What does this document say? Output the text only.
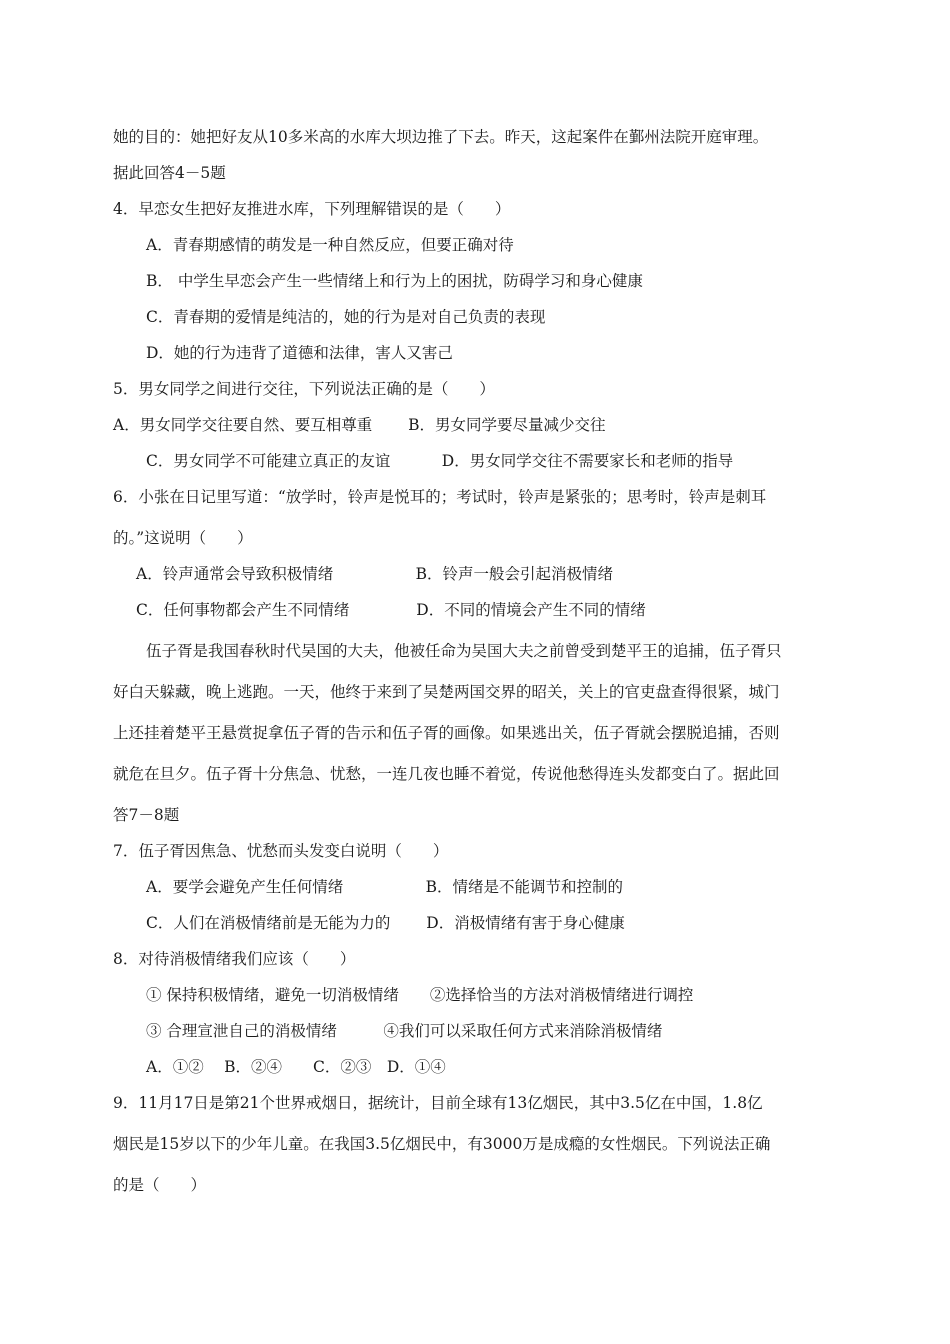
她的目的：她把好友从10多米高的水库大坝边推了下去。昨天，这起案件在鄞州法院开庭审理。
据此回答4－5题
4．早恋女生把好友推进水库，下列理解错误的是（　　）
A．青春期感情的萌发是一种自然反应，但要正确对待
B． 中学生早恋会产生一些情绪上和行为上的困扰，防碍学习和身心健康
C．青春期的爱情是纯洁的，她的行为是对自己负责的表现
D．她的行为违背了道德和法律，害人又害己
5．男女同学之间进行交往，下列说法正确的是（　　）
A．男女同学交往要自然、要互相尊重　　 B．男女同学要尽量减少交往
C．男女同学不可能建立真正的友谊　　　 D．男女同学交往不需要家长和老师的指导
6．小张在日记里写道：“放学时，铃声是悦耳的；考试时，铃声是紧张的；思考时，铃声是刺耳
的。”这说明（　　）
A．铃声通常会导致积极情绪　　　　　 B．铃声一般会引起消极情绪
C．任何事物都会产生不同情绪　　　　 D．不同的情境会产生不同的情绪
伍子胥是我国春秋时代吴国的大夫，他被任命为吴国大夫之前曾受到楚平王的追捕，伍子胥只
好白天躲藏，晚上逃跑。一天，他终于来到了吴楚两国交界的昭关，关上的官吏盘查得很紧，城门
上还挂着楚平王悬赏捉拿伍子胥的告示和伍子胥的画像。如果逃出关，伍子胥就会摆脱追捕，否则
就危在旦夕。伍子胥十分焦急、忧愁，一连几夜也睡不着觉，传说他愁得连头发都变白了。据此回
答7－8题
7．伍子胥因焦急、忧愁而头发变白说明（　　）
A．要学会避免产生任何情绪　　　　　 B．情绪是不能调节和控制的
C．人们在消极情绪前是无能为力的　　 D．消极情绪有害于身心健康
8．对待消极情绪我们应该（　　）
① 保持积极情绪，避免一切消极情绪　　②选择恰当的方法对消极情绪进行调控
③ 合理宣泄自己的消极情绪　　　④我们可以采取任何方式来消除消极情绪
A．①②　 B．②④　　C．②③　D．①④
9．11月17日是第21个世界戒烟日，据统计，目前全球有13亿烟民，其中3.5亿在中国，1.8亿
烟民是15岁以下的少年儿童。在我国3.5亿烟民中，有3000万是成瘾的女性烟民。下列说法正确
的是（　　）
